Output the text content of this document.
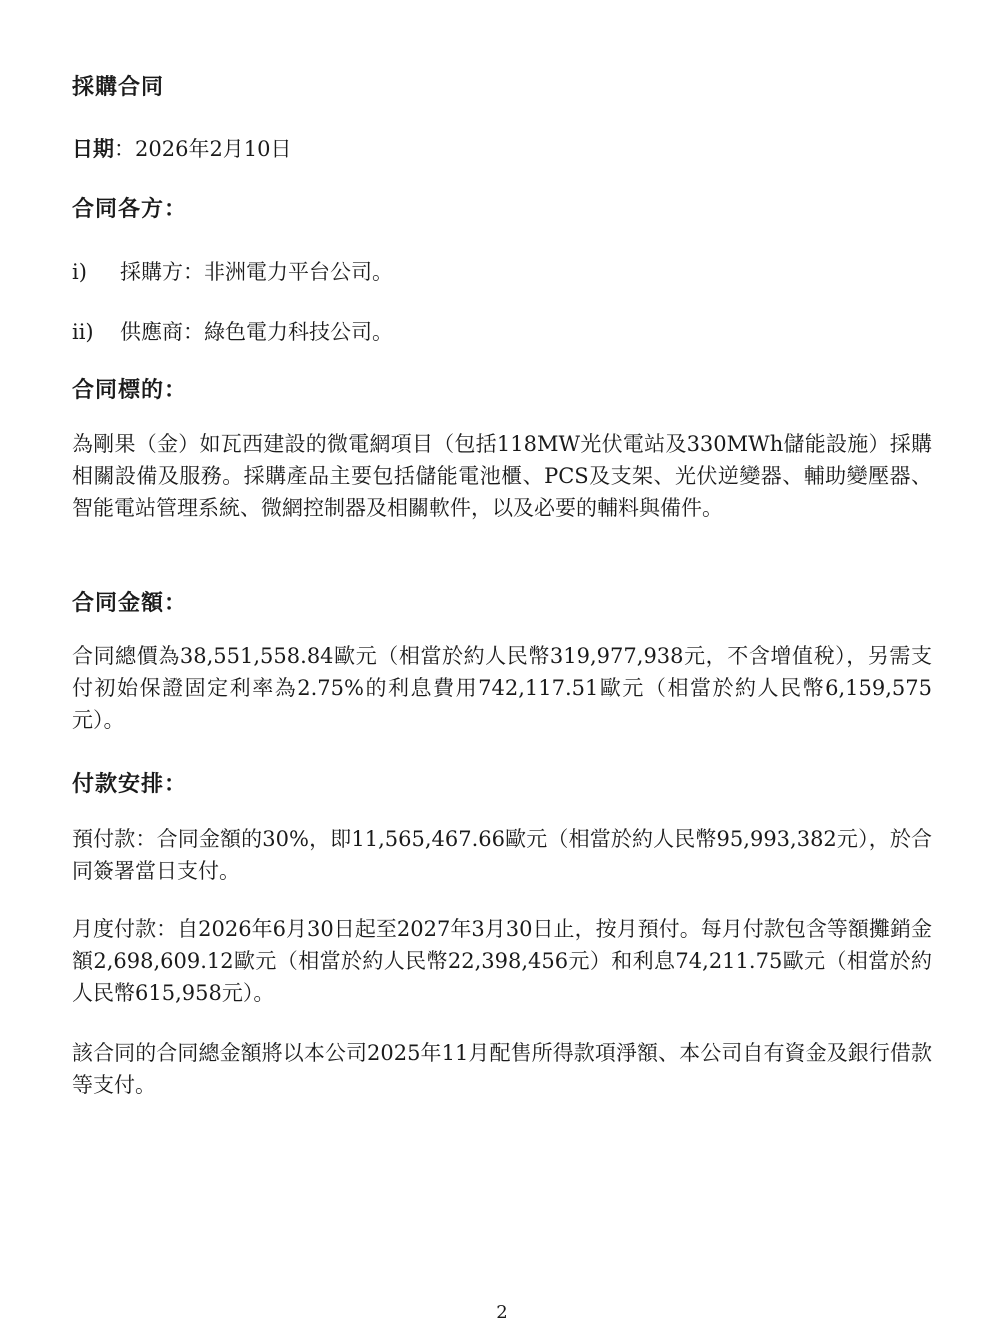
採購合同
日期：2026年2月10日
合同各方：
i) 採購方：非洲電力平台公司。
ii) 供應商：綠色電力科技公司。
合同標的：
為剛果（金）如瓦西建設的微電網項目（包括118MW光伏電站及330MWh儲能設施）採購相關設備及服務。採購產品主要包括儲能電池櫃、PCS及支架、光伏逆變器、輔助變壓器、智能電站管理系統、微網控制器及相關軟件，以及必要的輔料與備件。
合同金額：
合同總價為38,551,558.84歐元（相當於約人民幣319,977,938元，不含增值稅），另需支付初始保證固定利率為2.75%的利息費用742,117.51歐元（相當於約人民幣6,159,575元）。
付款安排：
預付款：合同金額的30%，即11,565,467.66歐元（相當於約人民幣95,993,382元），於合同簽署當日支付。
月度付款：自2026年6月30日起至2027年3月30日止，按月預付。每月付款包含等額攤銷金額2,698,609.12歐元（相當於約人民幣22,398,456元）和利息74,211.75歐元（相當於約人民幣615,958元）。
該合同的合同總金額將以本公司2025年11月配售所得款項淨額、本公司自有資金及銀行借款等支付。
2
